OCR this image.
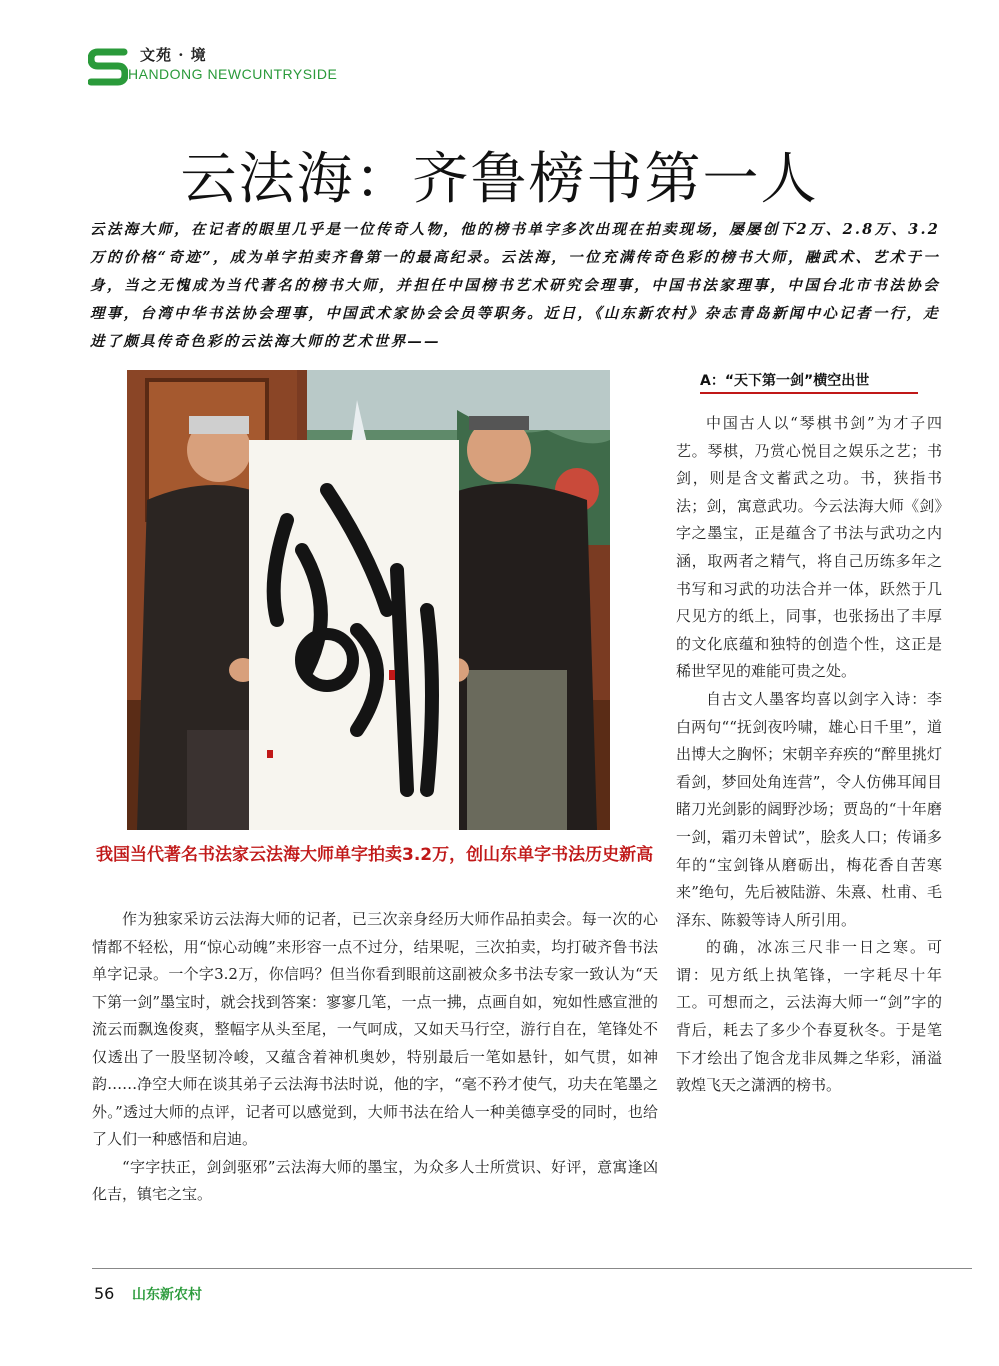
文苑 · 境
HANDONG NEWCUNTRYSIDE
云法海：齐鲁榜书第一人
云法海大师，在记者的眼里几乎是一位传奇人物，他的榜书单字多次出现在拍卖现场，屡屡创下2万、2.8万、3.2万的价格“奇迹”，成为单字拍卖齐鲁第一的最高纪录。云法海，一位充满传奇色彩的榜书大师，融武术、艺术于一身，当之无愧成为当代著名的榜书大师，并担任中国榜书艺术研究会理事，中国书法家理事，中国台北市书法协会理事，台湾中华书法协会理事，中国武术家协会会员等职务。近日，《山东新农村》杂志青岛新闻中心记者一行，走进了颇具传奇色彩的云法海大师的艺术世界——
我国当代著名书法家云法海大师单字拍卖3.2万，创山东单字书法历史新高

作为独家采访云法海大师的记者，已三次亲身经历大师作品拍卖会。每一次的心情都不轻松，用“惊心动魄”来形容一点不过分，结果呢，三次拍卖，均打破齐鲁书法单字记录。一个字3.2万，你信吗？但当你看到眼前这副被众多书法专家一致认为“天下第一剑”墨宝时，就会找到答案：寥寥几笔，一点一拂，点画自如，宛如性感宣泄的流云而飘逸俊爽，整幅字从头至尾，一气呵成，又如天马行空，游行自在，笔锋处不仅透出了一股坚韧冷峻，又蕴含着神机奥妙，特别最后一笔如悬针，如气贯，如神韵……净空大师在谈其弟子云法海书法时说，他的字，“毫不矜才使气，功夫在笔墨之外。”透过大师的点评，记者可以感觉到，大师书法在给人一种美德享受的同时，也给了人们一种感悟和启迪。

“字字扶正，剑剑驱邪”云法海大师的墨宝，为众多人士所赏识、好评，意寓逢凶化吉，镇宅之宝。

A：“天下第一剑”横空出世

中国古人以“琴棋书剑”为才子四艺。琴棋，乃赏心悦目之娱乐之艺；书剑，则是含文蓄武之功。书，狭指书法；剑，寓意武功。今云法海大师《剑》字之墨宝，正是蕴含了书法与武功之内涵，取两者之精气，将自己历练多年之书写和习武的功法合并一体，跃然于几尺见方的纸上，同事，也张扬出了丰厚的文化底蕴和独特的创造个性，这正是稀世罕见的难能可贵之处。

自古文人墨客均喜以剑字入诗：李白两句““抚剑夜吟啸，雄心日千里”，道出博大之胸怀；宋朝辛弃疾的“醉里挑灯看剑，梦回处角连营”，令人仿佛耳闻目睹刀光剑影的阔野沙场；贾岛的“十年磨一剑，霜刃未曾试”，脍炙人口；传诵多年的“宝剑锋从磨砺出，梅花香自苦寒来”绝句，先后被陆游、朱熹、杜甫、毛泽东、陈毅等诗人所引用。

的确，冰冻三尺非一日之寒。可谓：见方纸上执笔锋，一字耗尽十年工。可想而之，云法海大师一“剑”字的背后，耗去了多少个春夏秋冬。于是笔下才绘出了饱含龙非凤舞之华彩，涌溢敦煌飞天之潇洒的榜书。

56 山东新农村
